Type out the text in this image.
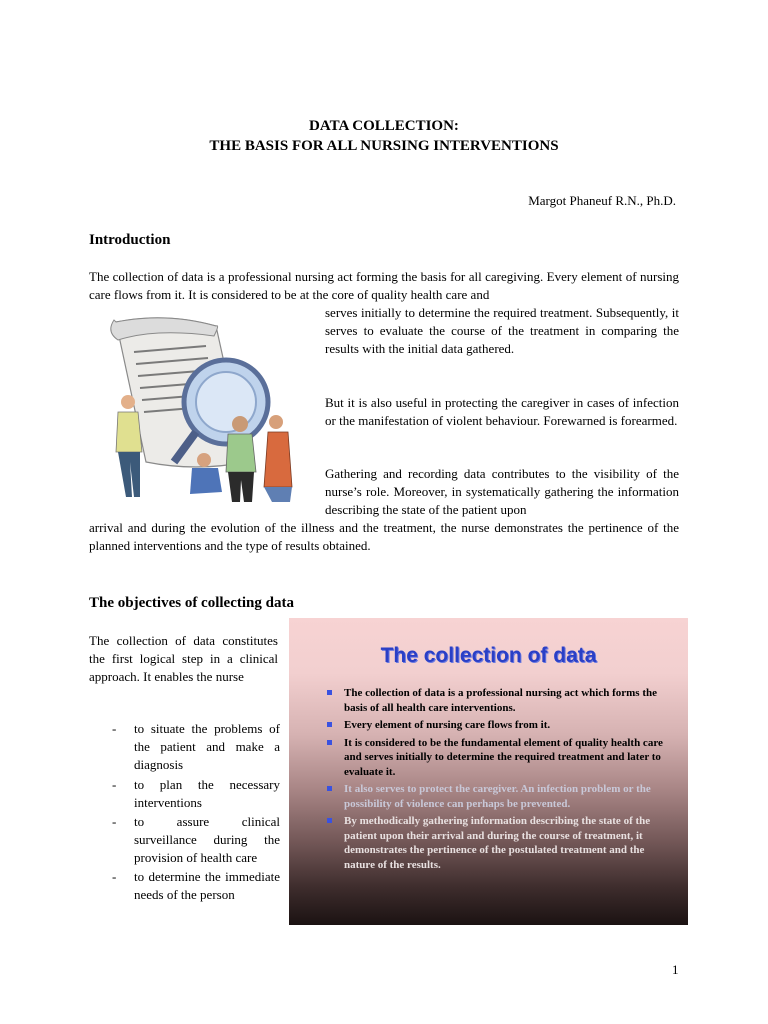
DATA COLLECTION:
THE BASIS FOR ALL NURSING INTERVENTIONS
Margot Phaneuf R.N., Ph.D.
Introduction
The collection of data is a professional nursing act forming the basis for all caregiving. Every element of nursing care flows from it. It is considered to be at the core of quality health care and
serves initially to determine the required treatment. Subsequently, it serves to evaluate the course of the treatment in comparing the results with the initial data gathered.
But it is also useful in protecting the caregiver in cases of infection or the manifestation of violent behaviour. Forewarned is forearmed.
Gathering and recording data contributes to the visibility of the nurse’s role. Moreover, in systematically gathering the information describing the state of the patient upon
arrival and during the evolution of the illness and the treatment, the nurse demonstrates the pertinence of the planned interventions and the type of results obtained.
The objectives of collecting data
The collection of data constitutes the first logical step in a clinical approach. It enables the nurse
- to situate the problems of the patient and make a diagnosis
- to plan the necessary interventions
- to assure clinical surveillance during the provision of health care
- to determine the immediate needs of the person
The collection of data
The collection of data is a professional nursing act which forms the basis of all health care interventions.
Every element of nursing care flows from it.
It is considered to be the fundamental element of quality health care and serves initially to determine the required treatment and later to evaluate it.
It also serves to protect the caregiver. An infection problem or the possibility of violence can perhaps be prevented.
By methodically gathering information describing the state of the patient upon their arrival and during the course of treatment, it demonstrates the pertinence of the postulated treatment and the nature of the results.
1
